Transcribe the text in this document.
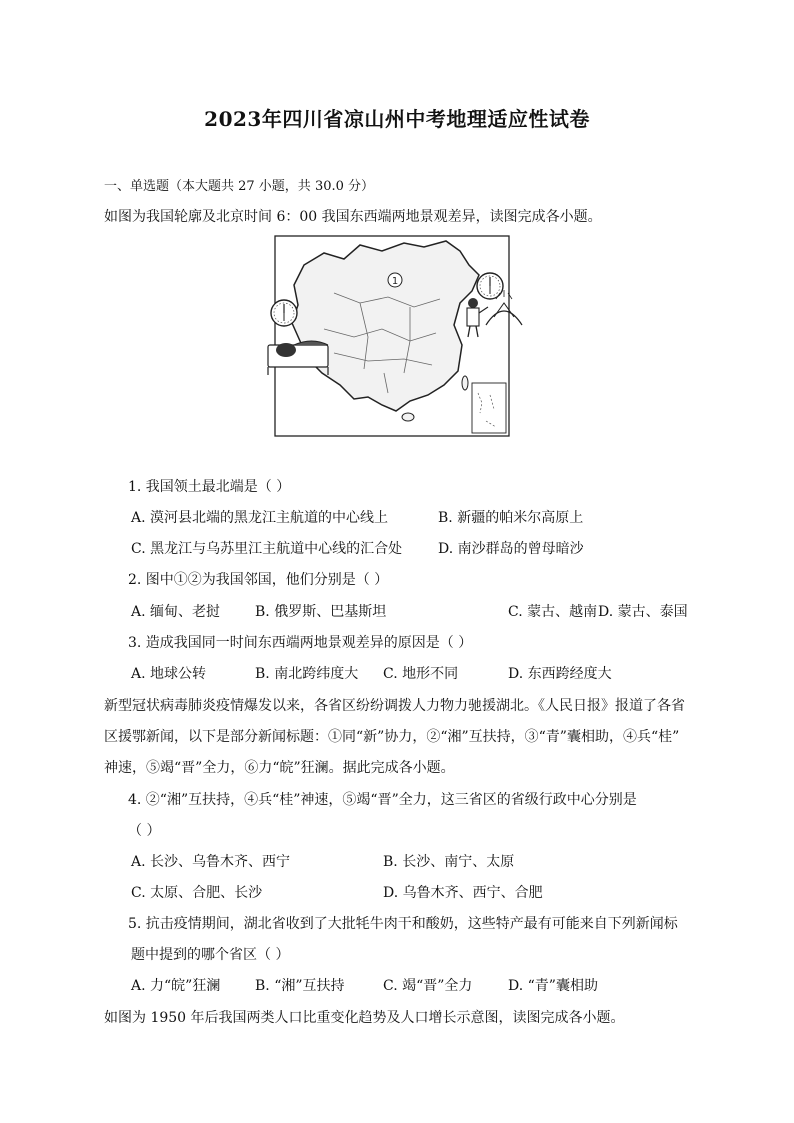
2023年四川省凉山州中考地理适应性试卷
一、单选题（本大题共 27 小题，共 30.0 分）
如图为我国轮廓及北京时间 6：00 我国东西端两地景观差异，读图完成各小题。
1
1. 我国领土最北端是（ ）
A. 漠河县北端的黑龙江主航道的中心线上	B. 新疆的帕米尔高原上
C. 黑龙江与乌苏里江主航道中心线的汇合处	D. 南沙群岛的曾母暗沙
2. 图中①②为我国邻国，他们分别是（ ）
A. 缅甸、老挝 B. 俄罗斯、巴基斯坦	C. 蒙古、越南 D. 蒙古、泰国
3. 造成我国同一时间东西端两地景观差异的原因是（ ）
A. 地球公转	B. 南北跨纬度大 C. 地形不同	D. 东西跨经度大
新型冠状病毒肺炎疫情爆发以来，各省区纷纷调拨人力物力驰援湖北。《人民日报》报道了各省
区援鄂新闻，以下是部分新闻标题：①同“新”协力，②“湘”互扶持，③“青”囊相助，④兵“桂”
神速，⑤竭“晋”全力，⑥力“皖”狂澜。据此完成各小题。
4. ②“湘”互扶持，④兵“桂”神速，⑤竭“晋”全力，这三省区的省级行政中心分别是
（ ）
A. 长沙、乌鲁木齐、西宁	B. 长沙、南宁、太原
C. 太原、合肥、长沙	D. 乌鲁木齐、西宁、合肥
5. 抗击疫情期间，湖北省收到了大批牦牛肉干和酸奶，这些特产最有可能来自下列新闻标
题中提到的哪个省区（ ）
A. 力“皖”狂澜 B. “湘”互扶持	C. 竭“晋”全力	D. “青”囊相助
如图为 1950 年后我国两类人口比重变化趋势及人口增长示意图，读图完成各小题。
